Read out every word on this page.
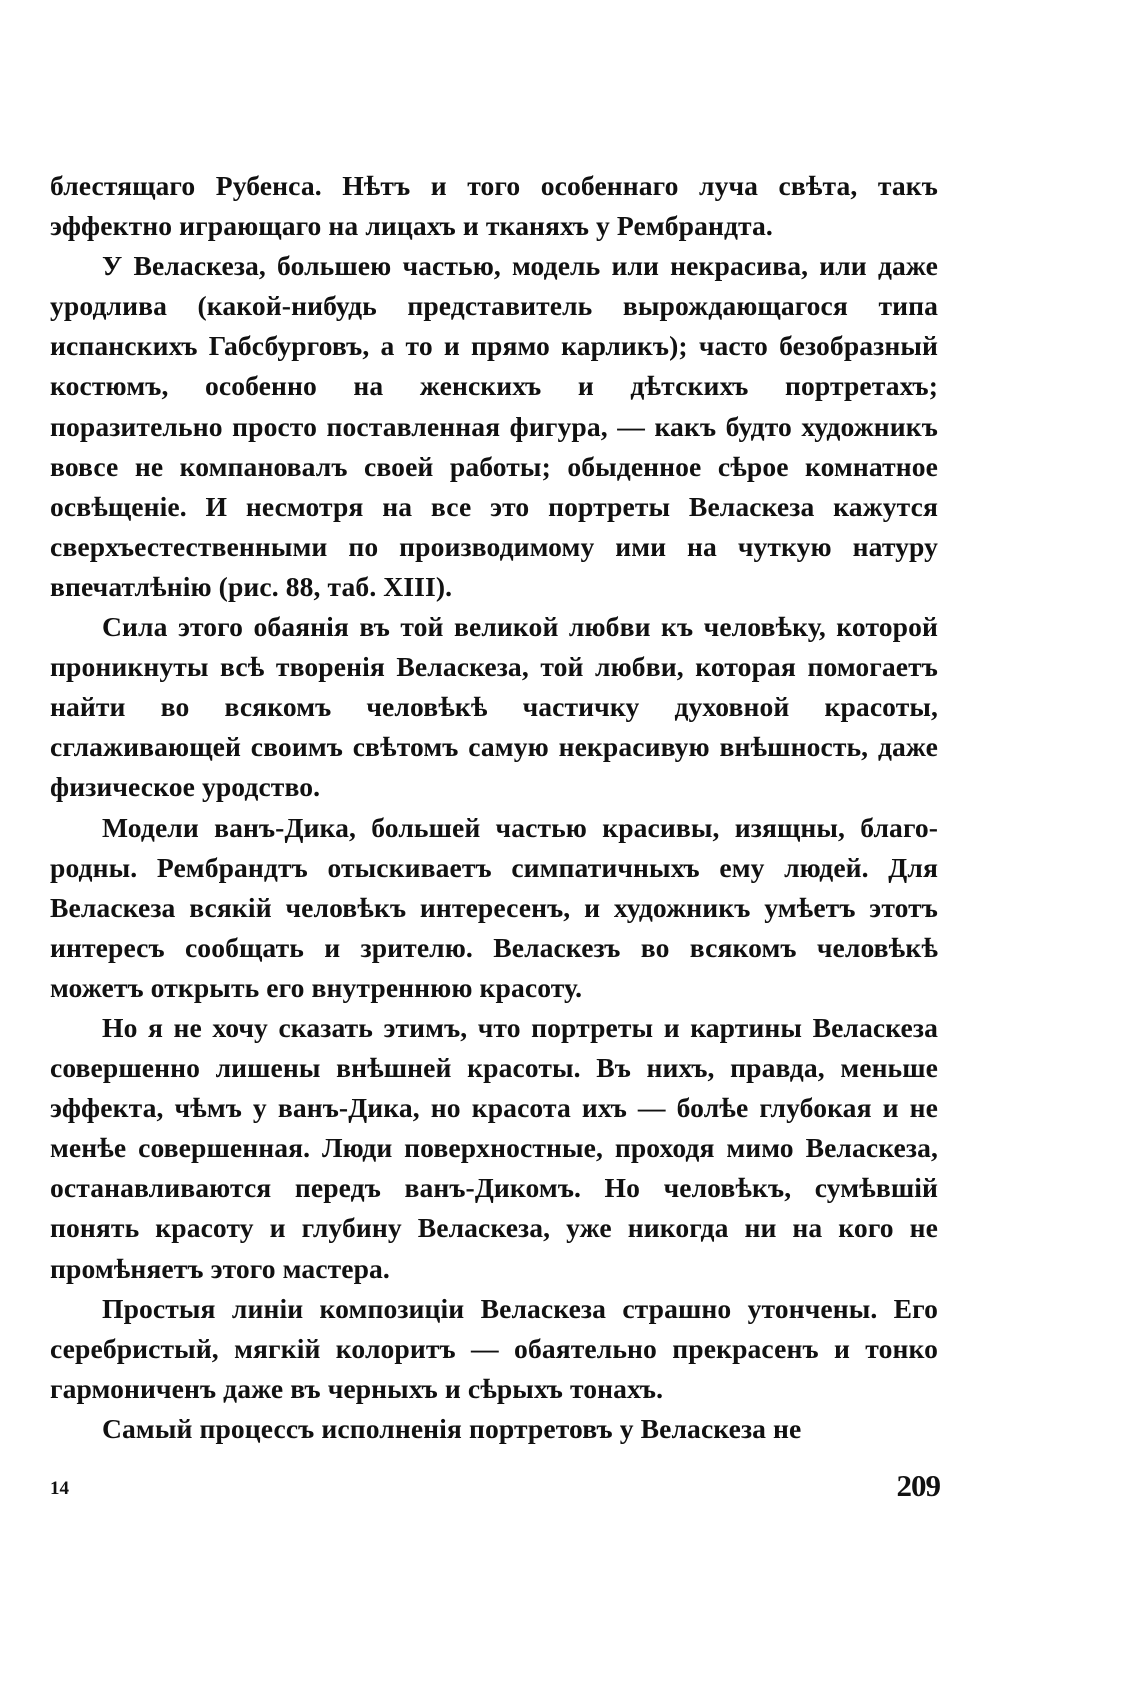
блестящаго Рубенса. Нѣтъ и того особеннаго луча свѣта, такъ эффектно играющаго на лицахъ и тканяхъ у Рембрандта.

У Веласкеза, большею частью, модель или некрасива, или даже уродлива (какой-нибудь представитель вырождающагося типа испанскихъ Габсбурговъ, а то и прямо карликъ); часто безобразный костюмъ, особенно на женскихъ и дѣтскихъ портретахъ; поразительно просто поставленная фигура, — какъ будто художникъ вовсе не компановалъ своей работы; обыденное сѣрое комнатное освѣщеніе. И несмотря на все это портреты Веласкеза кажутся сверхъестественными по производимому ими на чуткую натуру впечатлѣнію (рис. 88, таб. XIII).

Сила этого обаянія въ той великой любви къ человѣку, которой проникнуты всѣ творенія Веласкеза, той любви, которая помогаетъ найти во всякомъ человѣкѣ частичку духовной красоты, сглаживающей своимъ свѣтомъ самую некрасивую внѣшность, даже физическое уродство.

Модели ванъ-Дика, большей частью красивы, изящны, благородны. Рембрандтъ отыскиваетъ симпатичныхъ ему людей. Для Веласкеза всякій человѣкъ интересенъ, и художникъ умѣетъ этотъ интересъ сообщать и зрителю. Веласкезъ во всякомъ человѣкѣ можетъ открыть его внутреннюю красоту.

Но я не хочу сказать этимъ, что портреты и картины Веласкеза совершенно лишены внѣшней красоты. Въ нихъ, правда, меньше эффекта, чѣмъ у ванъ-Дика, но красота ихъ — болѣе глубокая и не менѣе совершенная. Люди поверхностные, проходя мимо Веласкеза, останавливаются передъ ванъ-Дикомъ. Но человѣкъ, сумѣвшій понять красоту и глубину Веласкеза, уже никогда ни на кого не промѣняетъ этого мастера.

Простыя линіи композиціи Веласкеза страшно утончены. Его серебристый, мягкій колоритъ — обаятельно прекрасенъ и тонко гармониченъ даже въ черныхъ и сѣрыхъ тонахъ.

Самый процессъ исполненія портретовъ у Веласкеза не

14	209
